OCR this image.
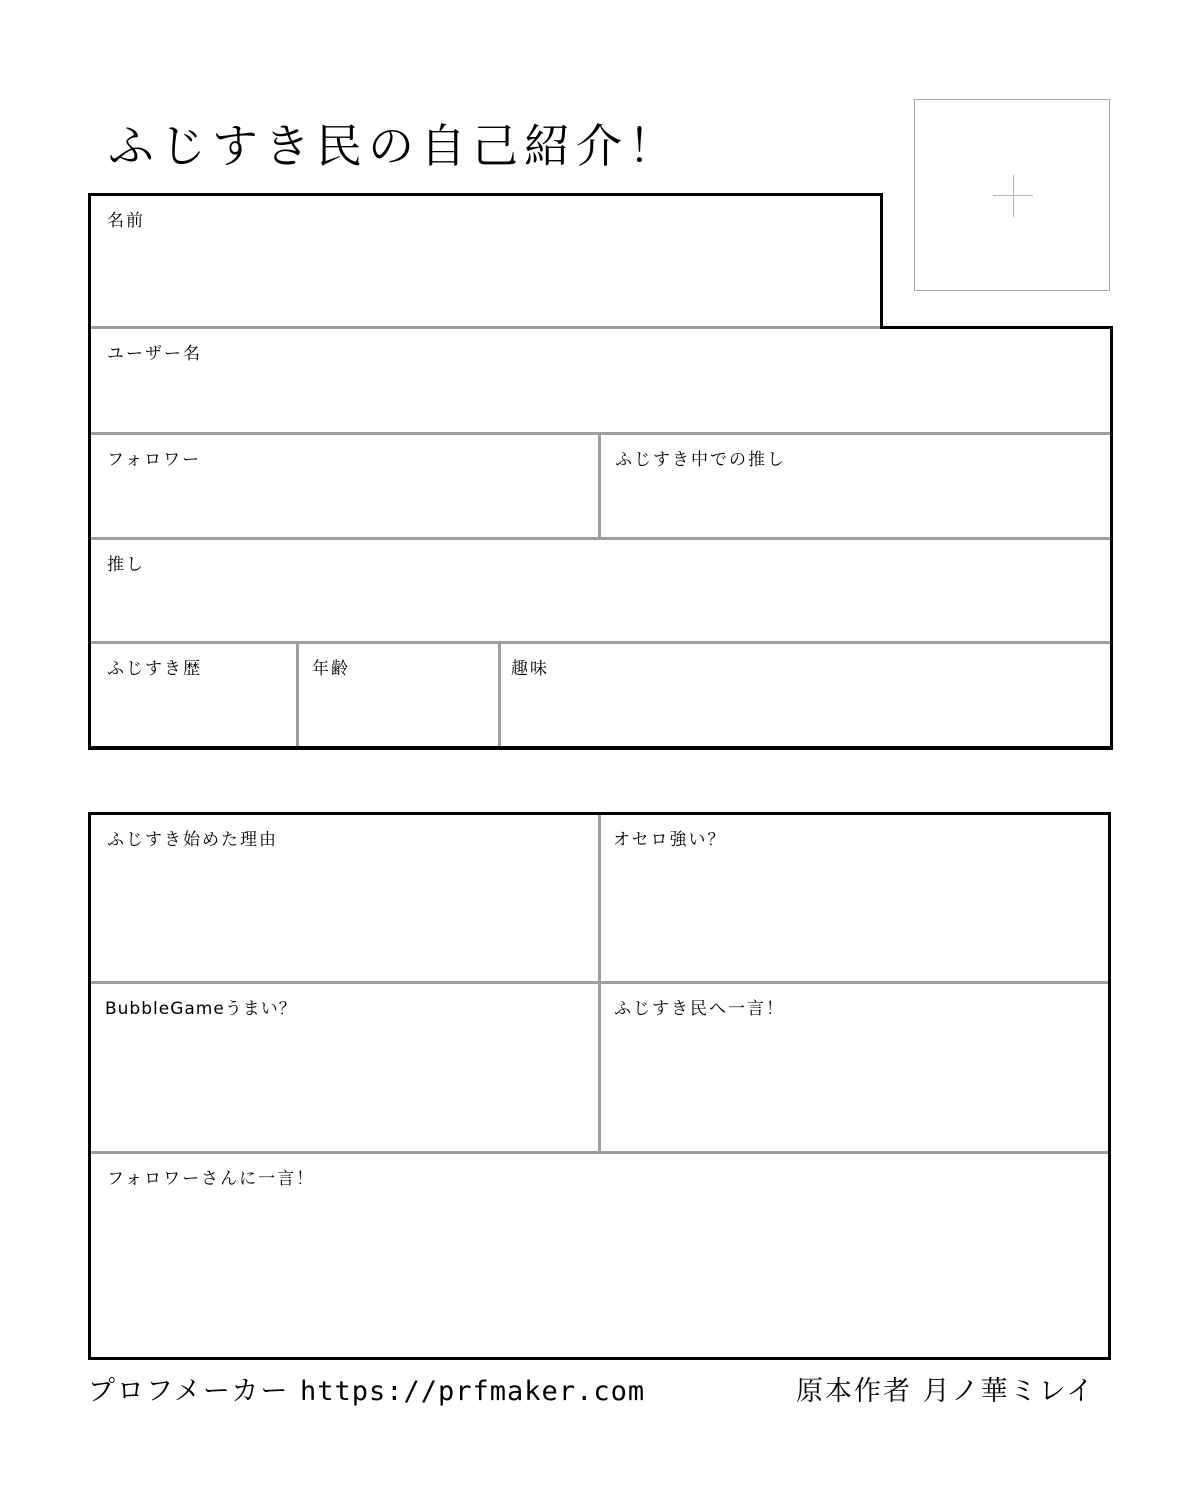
ふじすき民の自己紹介！
名前
ユーザー名
フォロワー	ふじすき中での推し
推し
ふじすき歴	年齢	趣味
ふじすき始めた理由	オセロ強い？
BubbleGameうまい？	ふじすき民へ一言！
フォロワーさんに一言！
プロフメーカー https://prfmaker.com	原本作者 月ノ華ミレイ
